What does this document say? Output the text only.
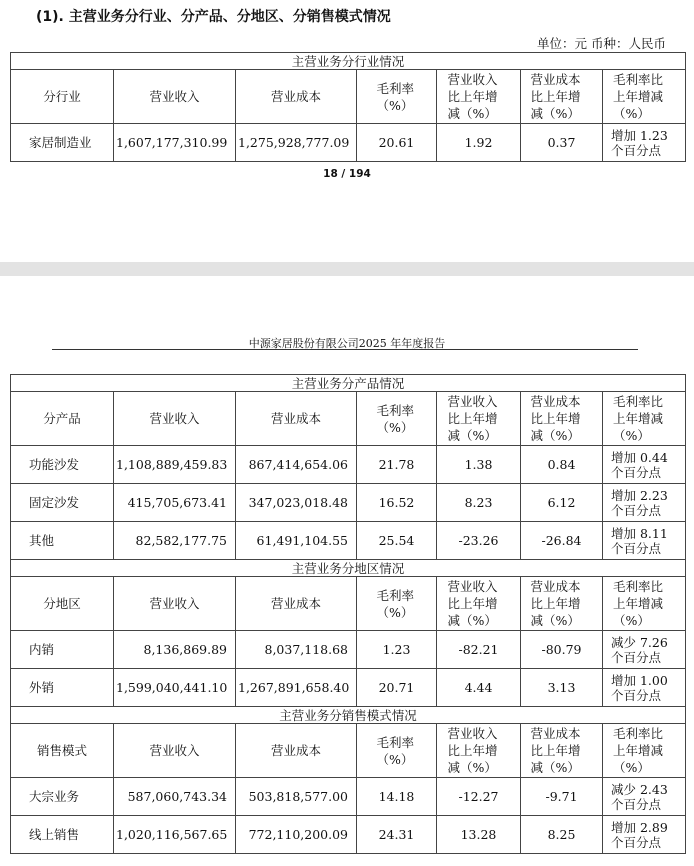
(1). 主营业务分行业、分产品、分地区、分销售模式情况
单位：元 币种：人民币
主营业务分行业情况						
分行业	营业收入	营业成本	毛利率（%）	营业收入比上年增减（%）	营业成本比上年增减（%）	毛利率比上年增减（%）
家居制造业	1,607,177,310.99	1,275,928,777.09	20.61	1.92	0.37	增加 1.23 个百分点
18 / 194
中源家居股份有限公司2025 年年度报告
主营业务分产品情况						
分产品	营业收入	营业成本	毛利率（%）	营业收入比上年增减（%）	营业成本比上年增减（%）	毛利率比上年增减（%）
功能沙发	1,108,889,459.83	867,414,654.06	21.78	1.38	0.84	增加 0.44 个百分点
固定沙发	415,705,673.41	347,023,018.48	16.52	8.23	6.12	增加 2.23 个百分点
其他	82,582,177.75	61,491,104.55	25.54	-23.26	-26.84	增加 8.11 个百分点
主营业务分地区情况						
分地区	营业收入	营业成本	毛利率（%）	营业收入比上年增减（%）	营业成本比上年增减（%）	毛利率比上年增减（%）
内销	8,136,869.89	8,037,118.68	1.23	-82.21	-80.79	减少 7.26 个百分点
外销	1,599,040,441.10	1,267,891,658.40	20.71	4.44	3.13	增加 1.00 个百分点
主营业务分销售模式情况						
销售模式	营业收入	营业成本	毛利率（%）	营业收入比上年增减（%）	营业成本比上年增减（%）	毛利率比上年增减（%）
大宗业务	587,060,743.34	503,818,577.00	14.18	-12.27	-9.71	减少 2.43 个百分点
线上销售	1,020,116,567.65	772,110,200.09	24.31	13.28	8.25	增加 2.89 个百分点
